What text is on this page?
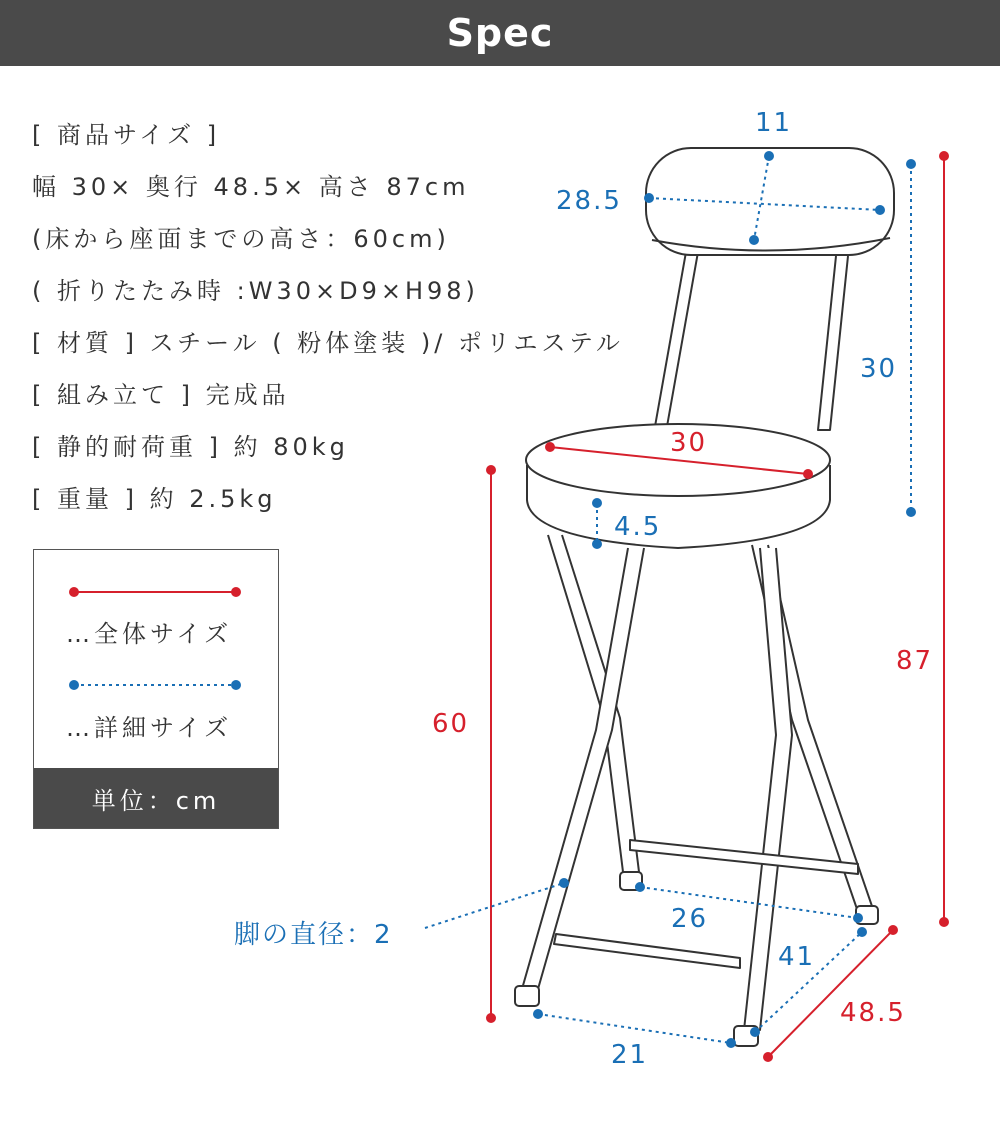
Spec
[ 商品サイズ ]
幅 30× 奥行 48.5× 高さ 87cm
(床から座面までの高さ：60cm)
( 折りたたみ時 :W30×D9×H98)
[ 材質 ] スチール ( 粉体塗装 )/ ポリエステル
[ 組み立て ] 完成品
[ 静的耐荷重 ] 約 80kg
[ 重量 ] 約 2.5kg
…全体サイズ
…詳細サイズ
単位：cm
11
28.5
30
30
4.5
60
87
脚の直径：2
26
41
48.5
21
